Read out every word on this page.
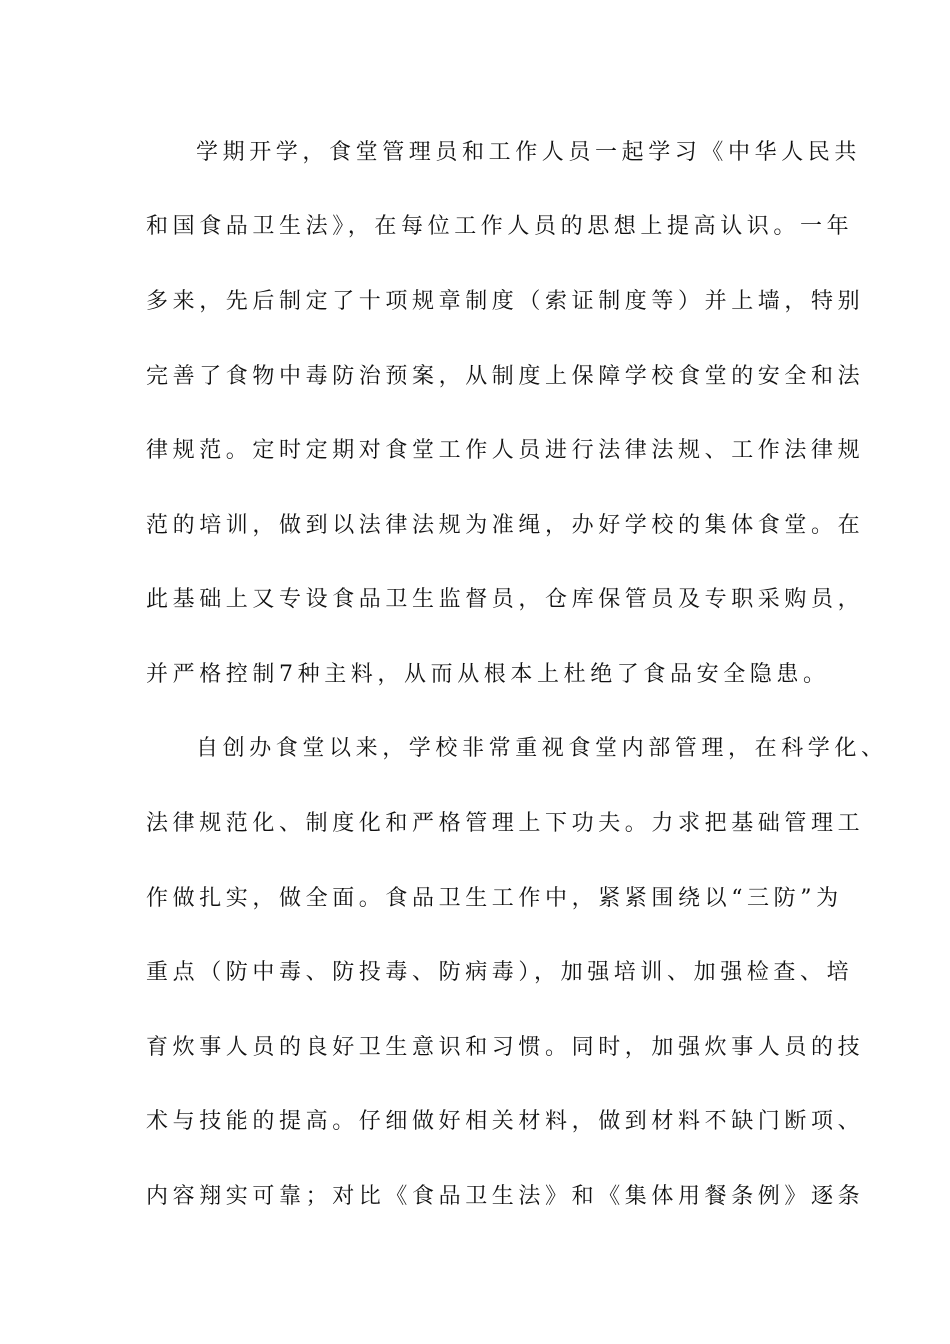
学期开学，食堂管理员和工作人员一起学习《中华人民共
和国食品卫生法》，在每位工作人员的思想上提高认识。一年
多来，先后制定了十项规章制度（索证制度等）并上墙，特别
完善了食物中毒防治预案，从制度上保障学校食堂的安全和法
律规范。定时定期对食堂工作人员进行法律法规、工作法律规
范的培训，做到以法律法规为准绳，办好学校的集体食堂。在
此基础上又专设食品卫生监督员，仓库保管员及专职采购员，
并严格控制7种主料，从而从根本上杜绝了食品安全隐患。
自创办食堂以来，学校非常重视食堂内部管理，在科学化、
法律规范化、制度化和严格管理上下功夫。力求把基础管理工
作做扎实，做全面。食品卫生工作中，紧紧围绕以“三防”为
重点（防中毒、防投毒、防病毒），加强培训、加强检查、培
育炊事人员的良好卫生意识和习惯。同时，加强炊事人员的技
术与技能的提高。仔细做好相关材料，做到材料不缺门断项、
内容翔实可靠；对比《食品卫生法》和《集体用餐条例》逐条
